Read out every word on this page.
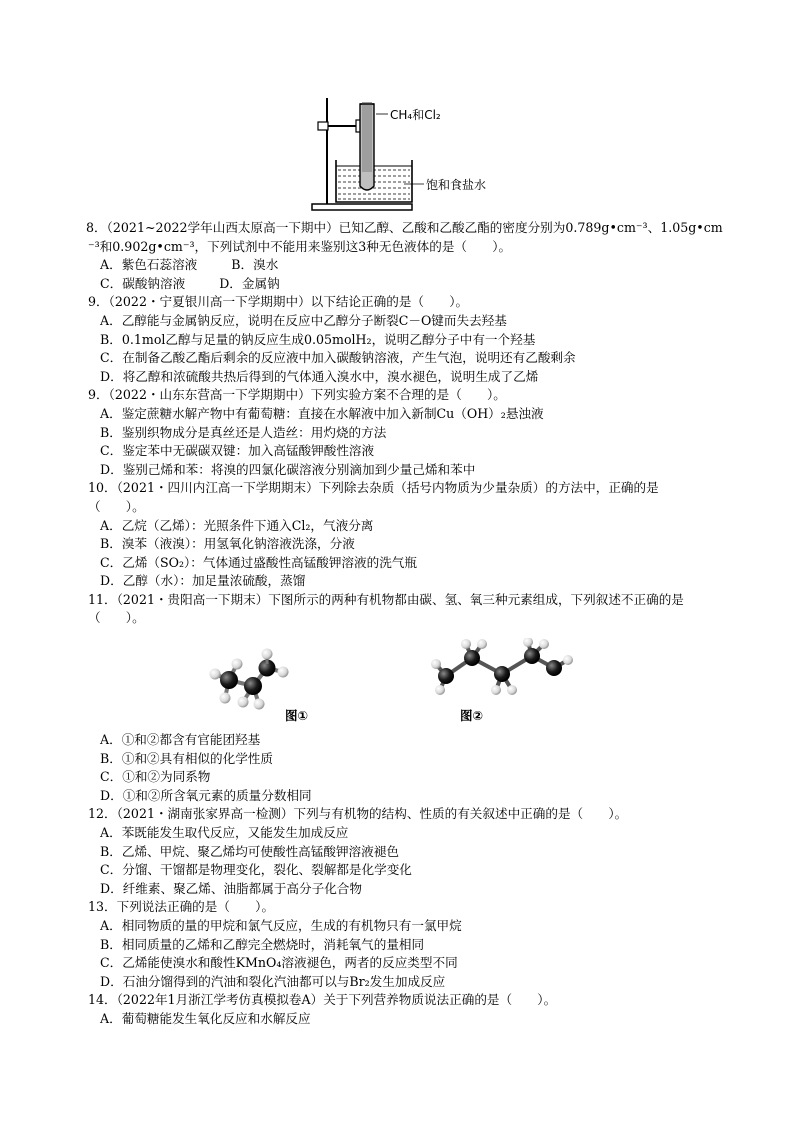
CH₄和Cl₂
饱和食盐水
8．（2021~2022学年山西太原高一下期中）已知乙醇、乙酸和乙酸乙酯的密度分别为0.789g•cm⁻³、1.05g•cm
⁻³和0.902g•cm⁻³，下列试剂中不能用来鉴别这3种无色液体的是（　　）。
A．紫色石蕊溶液	B．溴水
C．碳酸钠溶液	D．金属钠
9．（2022・宁夏银川高一下学期期中）以下结论正确的是（　　）。
A．乙醇能与金属钠反应，说明在反应中乙醇分子断裂C－O键而失去羟基
B．0.1mol乙醇与足量的钠反应生成0.05molH₂，说明乙醇分子中有一个羟基
C．在制备乙酸乙酯后剩余的反应液中加入碳酸钠溶液，产生气泡，说明还有乙酸剩余
D．将乙醇和浓硫酸共热后得到的气体通入溴水中，溴水褪色，说明生成了乙烯
9．（2022・山东东营高一下学期期中）下列实验方案不合理的是（　　）。
A．鉴定蔗糖水解产物中有葡萄糖：直接在水解液中加入新制Cu（OH）₂悬浊液
B．鉴别织物成分是真丝还是人造丝：用灼烧的方法
C．鉴定苯中无碳碳双键：加入高锰酸钾酸性溶液
D．鉴别己烯和苯：将溴的四氯化碳溶液分别滴加到少量己烯和苯中
10．（2021・四川内江高一下学期期末）下列除去杂质（括号内物质为少量杂质）的方法中，正确的是
（　　）。
A．乙烷（乙烯）：光照条件下通入Cl₂，气液分离
B．溴苯（液溴）：用氢氧化钠溶液洗涤，分液
C．乙烯（SO₂）：气体通过盛酸性高锰酸钾溶液的洗气瓶
D．乙醇（水）：加足量浓硫酸，蒸馏
11．（2021・贵阳高一下期末）下图所示的两种有机物都由碳、氢、氧三种元素组成，下列叙述不正确的是
（　　）。
图①	图②
A．①和②都含有官能团羟基
B．①和②具有相似的化学性质
C．①和②为同系物
D．①和②所含氧元素的质量分数相同
12．（2021・湖南张家界高一检测）下列与有机物的结构、性质的有关叙述中正确的是（　　）。
A．苯既能发生取代反应，又能发生加成反应
B．乙烯、甲烷、聚乙烯均可使酸性高锰酸钾溶液褪色
C．分馏、干馏都是物理变化，裂化、裂解都是化学变化
D．纤维素、聚乙烯、油脂都属于高分子化合物
13．下列说法正确的是（　　）。
A．相同物质的量的甲烷和氯气反应，生成的有机物只有一氯甲烷
B．相同质量的乙烯和乙醇完全燃烧时，消耗氧气的量相同
C．乙烯能使溴水和酸性KMnO₄溶液褪色，两者的反应类型不同
D．石油分馏得到的汽油和裂化汽油都可以与Br₂发生加成反应
14．（2022年1月浙江学考仿真模拟卷A）关于下列营养物质说法正确的是（　　）。
A．葡萄糖能发生氧化反应和水解反应
